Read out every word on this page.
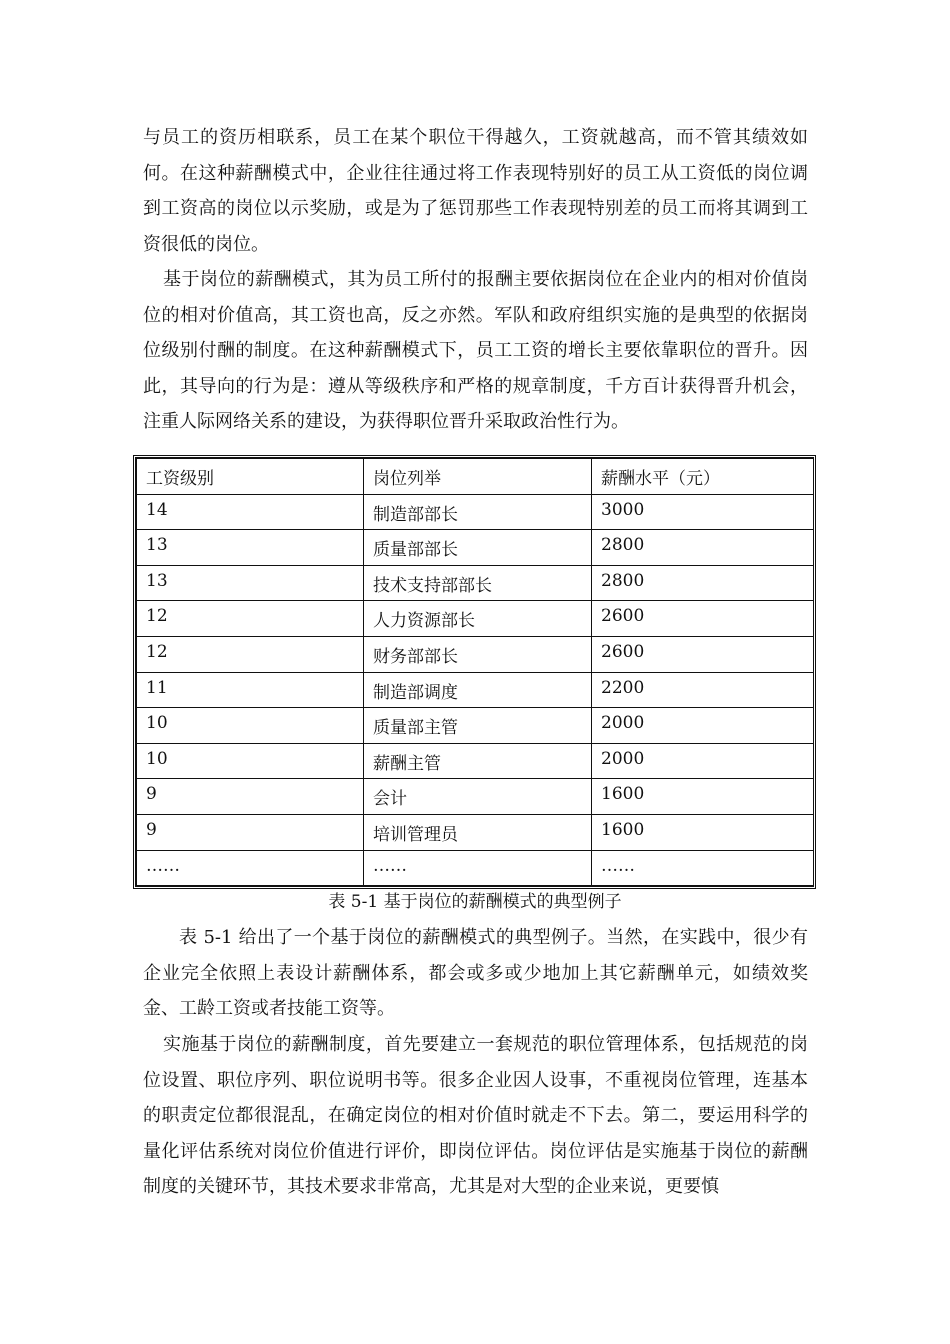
与员工的资历相联系，员工在某个职位干得越久，工资就越高，而不管其绩效如何。在这种薪酬模式中，企业往往通过将工作表现特别好的员工从工资低的岗位调到工资高的岗位以示奖励，或是为了惩罚那些工作表现特别差的员工而将其调到工资很低的岗位。

基于岗位的薪酬模式，其为员工所付的报酬主要依据岗位在企业内的相对价值岗位的相对价值高，其工资也高，反之亦然。军队和政府组织实施的是典型的依据岗位级别付酬的制度。在这种薪酬模式下，员工工资的增长主要依靠职位的晋升。因此，其导向的行为是：遵从等级秩序和严格的规章制度，千方百计获得晋升机会，注重人际网络关系的建设，为获得职位晋升采取政治性行为。

工资级别	岗位列举	薪酬水平（元）
14	制造部部长	3000
13	质量部部长	2800
13	技术支持部部长	2800
12	人力资源部长	2600
12	财务部部长	2600
11	制造部调度	2200
10	质量部主管	2000
10	薪酬主管	2000
9	会计	1600
9	培训管理员	1600
……	……	……

表 5-1 基于岗位的薪酬模式的典型例子

表 5-1 给出了一个基于岗位的薪酬模式的典型例子。当然，在实践中，很少有企业完全依照上表设计薪酬体系，都会或多或少地加上其它薪酬单元，如绩效奖金、工龄工资或者技能工资等。

实施基于岗位的薪酬制度，首先要建立一套规范的职位管理体系，包括规范的岗位设置、职位序列、职位说明书等。很多企业因人设事，不重视岗位管理，连基本的职责定位都很混乱，在确定岗位的相对价值时就走不下去。第二，要运用科学的量化评估系统对岗位价值进行评价，即岗位评估。岗位评估是实施基于岗位的薪酬制度的关键环节，其技术要求非常高，尤其是对大型的企业来说，更要慎
